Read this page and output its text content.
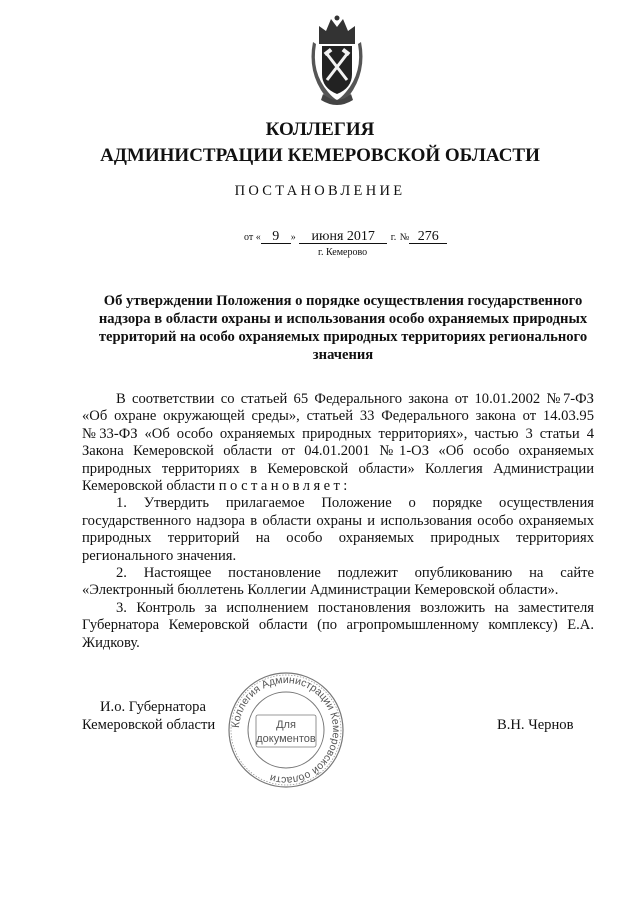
КОЛЛЕГИЯ
АДМИНИСТРАЦИИ КЕМЕРОВСКОЙ ОБЛАСТИ
ПОСТАНОВЛЕНИЕ
от « 9 » июня 2017 г. № 276
г. Кемерово
Об утверждении Положения о порядке осуществления государственного надзора в области охраны и использования особо охраняемых природных территорий на особо охраняемых природных территориях регионального значения

В соответствии со статьей 65 Федерального закона от 10.01.2002 №7-ФЗ «Об охране окружающей среды», статьей 33 Федерального закона от 14.03.95 №33-ФЗ «Об особо охраняемых природных территориях», частью 3 статьи 4 Закона Кемеровской области от 04.01.2001 №1-ОЗ «Об особо охраняемых природных территориях в Кемеровской области» Коллегия Администрации Кемеровской области постановляет:

1. Утвердить прилагаемое Положение о порядке осуществления государственного надзора в области охраны и использования особо охраняемых природных территорий на особо охраняемых природных территориях регионального значения.

2. Настоящее постановление подлежит опубликованию на сайте «Электронный бюллетень Коллегии Администрации Кемеровской области».

3. Контроль за исполнением постановления возложить на заместителя Губернатора Кемеровской области (по агропромышленному комплексу) Е.А. Жидкову.

И.о. Губернатора
Кемеровской области	В.Н. Чернов
Коллегия Администрации Кемеровской области
Для
документов
